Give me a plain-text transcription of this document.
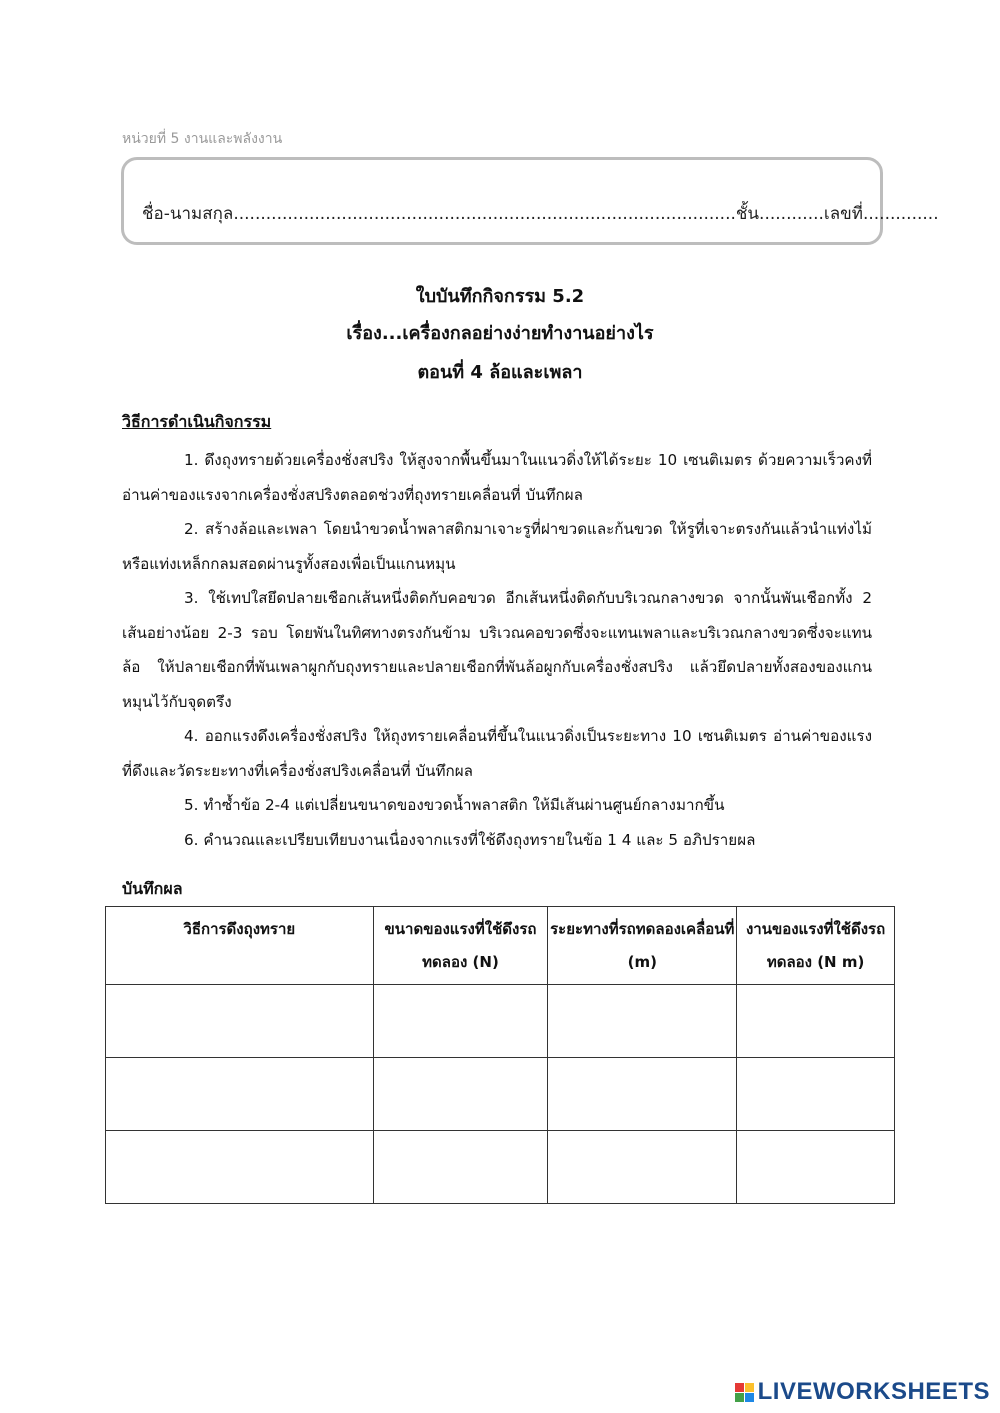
หน่วยที่ 5 งานและพลังงาน
ชื่อ-นามสกุล.............................................................................................ชั้น............เลขที่..............
ใบบันทึกกิจกรรม 5.2
เรื่อง...เครื่องกลอย่างง่ายทำงานอย่างไร
ตอนที่ 4 ล้อและเพลา
วิธีการดำเนินกิจกรรม

1. ดึงถุงทรายด้วยเครื่องชั่งสปริง ให้สูงจากพื้นขึ้นมาในแนวดิ่งให้ได้ระยะ 10 เซนติเมตร ด้วยความเร็วคงที่ อ่านค่าของแรงจากเครื่องชั่งสปริงตลอดช่วงที่ถุงทรายเคลื่อนที่ บันทึกผล

2. สร้างล้อและเพลา โดยนำขวดน้ำพลาสติกมาเจาะรูที่ฝาขวดและก้นขวด ให้รูที่เจาะตรงกันแล้วนำแท่งไม้หรือแท่งเหล็กกลมสอดผ่านรูทั้งสองเพื่อเป็นแกนหมุน

3. ใช้เทปใสยึดปลายเชือกเส้นหนึ่งติดกับคอขวด อีกเส้นหนึ่งติดกับบริเวณกลางขวด จากนั้นพันเชือกทั้ง 2 เส้นอย่างน้อย 2-3 รอบ โดยพันในทิศทางตรงกันข้าม บริเวณคอขวดซึ่งจะแทนเพลาและบริเวณกลางขวดซึ่งจะแทนล้อ ให้ปลายเชือกที่พันเพลาผูกกับถุงทรายและปลายเชือกที่พันล้อผูกกับเครื่องชั่งสปริง แล้วยึดปลายทั้งสองของแกนหมุนไว้กับจุดตรึง

4. ออกแรงดึงเครื่องชั่งสปริง ให้ถุงทรายเคลื่อนที่ขึ้นในแนวดิ่งเป็นระยะทาง 10 เซนติเมตร อ่านค่าของแรงที่ดึงและวัดระยะทางที่เครื่องชั่งสปริงเคลื่อนที่ บันทึกผล

5. ทำซ้ำข้อ 2-4 แต่เปลี่ยนขนาดของขวดน้ำพลาสติก ให้มีเส้นผ่านศูนย์กลางมากขึ้น

6. คำนวณและเปรียบเทียบงานเนื่องจากแรงที่ใช้ดึงถุงทรายในข้อ 1 4 และ 5 อภิปรายผล

บันทึกผล
วิธีการดึงถุงทราย	ขนาดของแรงที่ใช้ดึงรถทดลอง (N)	ระยะทางที่รถทดลองเคลื่อนที่ (m)	งานของแรงที่ใช้ดึงรถทดลอง (N m)

LIVEWORKSHEETS
